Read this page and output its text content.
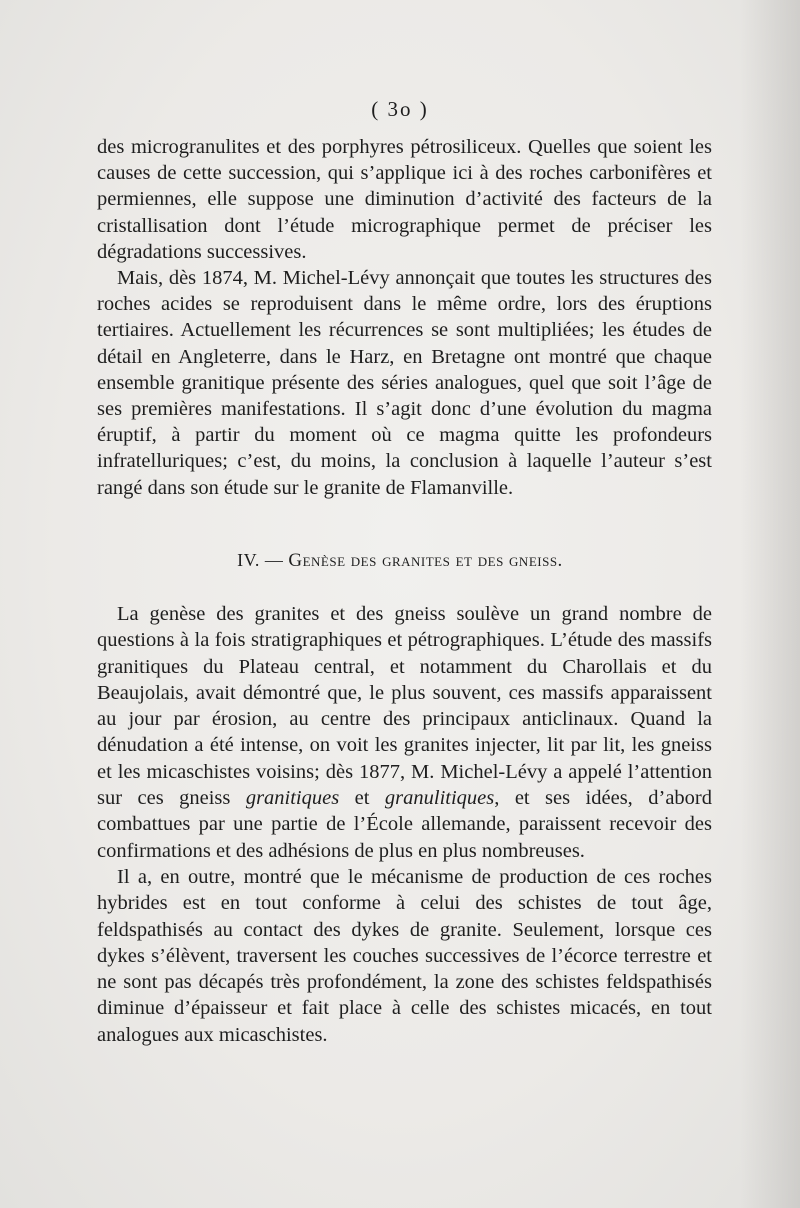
( 3o )

des microgranulites et des porphyres pétrosiliceux. Quelles que soient les causes de cette succession, qui s’applique ici à des roches carbonifères et permiennes, elle suppose une diminution d’activité des facteurs de la cristallisation dont l’étude micrographique permet de préciser les dégradations successives.

Mais, dès 1874, M. Michel-Lévy annonçait que toutes les structures des roches acides se reproduisent dans le même ordre, lors des éruptions tertiaires. Actuellement les récurrences se sont multipliées; les études de détail en Angleterre, dans le Harz, en Bretagne ont montré que chaque ensemble granitique présente des séries analogues, quel que soit l’âge de ses premières manifestations. Il s’agit donc d’une évolution du magma éruptif, à partir du moment où ce magma quitte les profondeurs infratelluriques; c’est, du moins, la conclusion à laquelle l’auteur s’est rangé dans son étude sur le granite de Flamanville.

IV. — Genèse des granites et des gneiss.

La genèse des granites et des gneiss soulève un grand nombre de questions à la fois stratigraphiques et pétrographiques. L’étude des massifs granitiques du Plateau central, et notamment du Charollais et du Beaujolais, avait démontré que, le plus souvent, ces massifs apparaissent au jour par érosion, au centre des principaux anticlinaux. Quand la dénudation a été intense, on voit les granites injecter, lit par lit, les gneiss et les micaschistes voisins; dès 1877, M. Michel-Lévy a appelé l’attention sur ces gneiss granitiques et granulitiques, et ses idées, d’abord combattues par une partie de l’École allemande, paraissent recevoir des confirmations et des adhésions de plus en plus nombreuses.

Il a, en outre, montré que le mécanisme de production de ces roches hybrides est en tout conforme à celui des schistes de tout âge, feldspathisés au contact des dykes de granite. Seulement, lorsque ces dykes s’élèvent, traversent les couches successives de l’écorce terrestre et ne sont pas décapés très profondément, la zone des schistes feldspathisés diminue d’épaisseur et fait place à celle des schistes micacés, en tout analogues aux micaschistes.
